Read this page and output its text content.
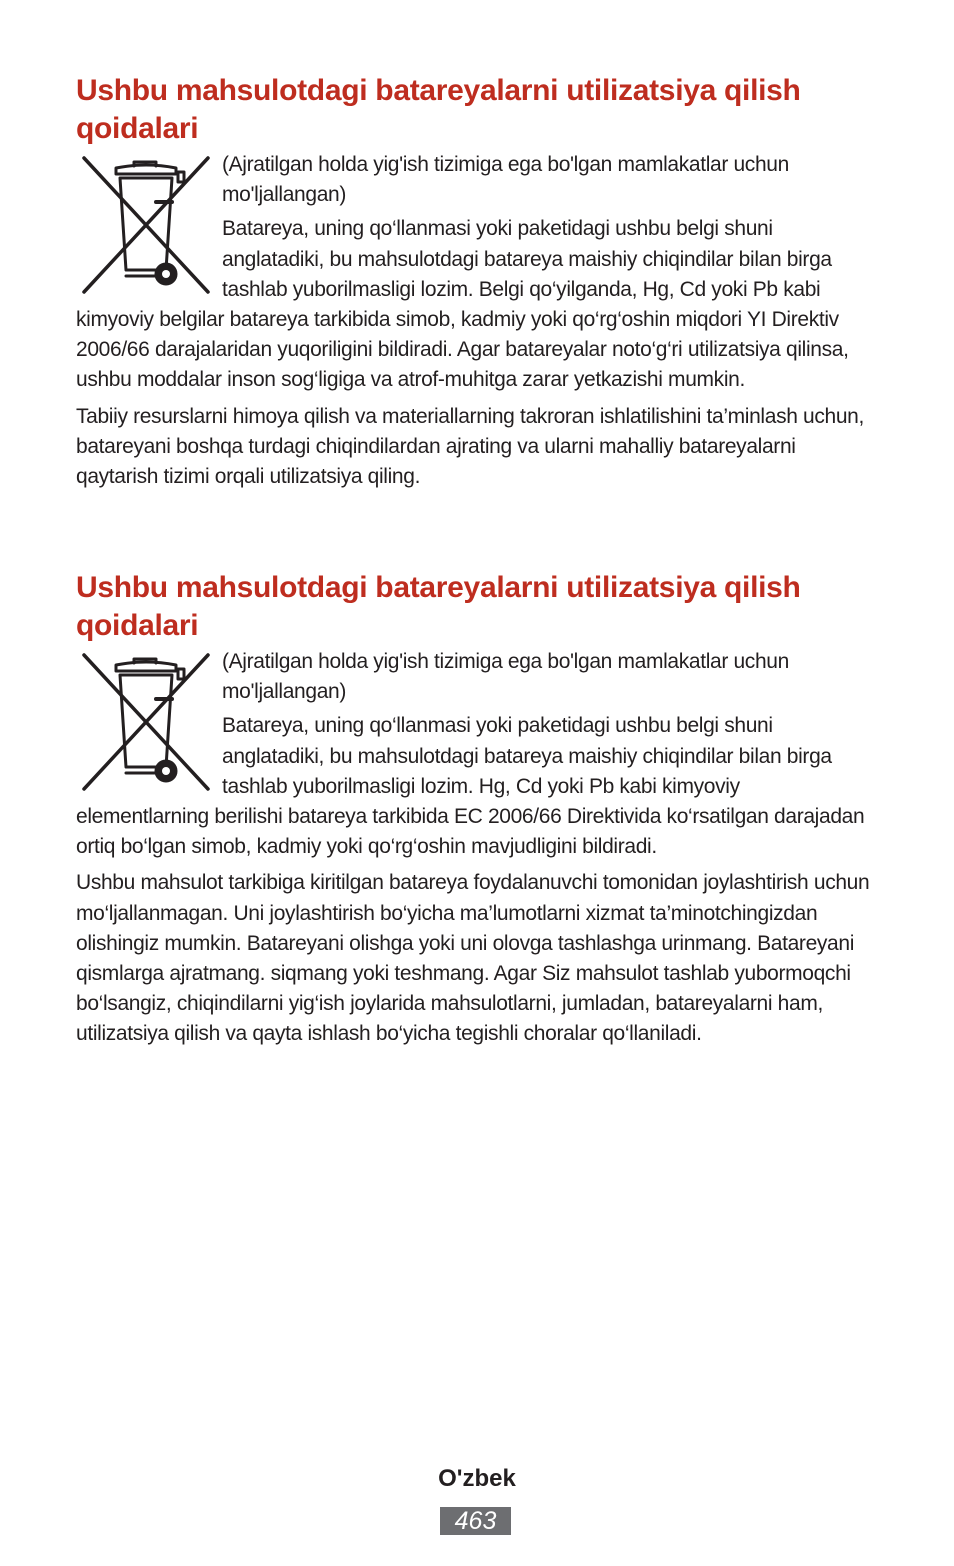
Ushbu mahsulotdagi batareyalarni utilizatsiya qilish
qoidalari

(Ajratilgan holda yig'ish tizimiga ega bo'lgan mamlakatlar uchun mo'ljallangan)

Batareya, uning qo‘llanmasi yoki paketidagi ushbu belgi shuni anglatadiki, bu mahsulotdagi batareya maishiy chiqindilar bilan birga tashlab yuborilmasligi lozim. Belgi qo‘yilganda, Hg, Cd yoki Pb kabi kimyoviy belgilar batareya tarkibida simob, kadmiy yoki qo‘rg‘oshin miqdori YI Direktiv 2006/66 darajalaridan yuqoriligini bildiradi. Agar batareyalar noto‘g‘ri utilizatsiya qilinsa, ushbu moddalar inson sog‘ligiga va atrof-muhitga zarar yetkazishi mumkin.

Tabiiy resurslarni himoya qilish va materiallarning takroran ishlatilishini ta’minlash uchun, batareyani boshqa turdagi chiqindilardan ajrating va ularni mahalliy batareyalarni qaytarish tizimi orqali utilizatsiya qiling.

Ushbu mahsulotdagi batareyalarni utilizatsiya qilish
qoidalari

(Ajratilgan holda yig'ish tizimiga ega bo'lgan mamlakatlar uchun mo'ljallangan)

Batareya, uning qo‘llanmasi yoki paketidagi ushbu belgi shuni anglatadiki, bu mahsulotdagi batareya maishiy chiqindilar bilan birga tashlab yuborilmasligi lozim. Hg, Cd yoki Pb kabi kimyoviy elementlarning berilishi batareya tarkibida EC 2006/66 Direktivida ko‘rsatilgan darajadan ortiq bo‘lgan simob, kadmiy yoki qo‘rg‘oshin mavjudligini bildiradi.

Ushbu mahsulot tarkibiga kiritilgan batareya foydalanuvchi tomonidan joylashtirish uchun mo‘ljallanmagan. Uni joylashtirish bo‘yicha ma’lumotlarni xizmat ta’minotchingizdan olishingiz mumkin. Batareyani olishga yoki uni olovga tashlashga urinmang. Batareyani qismlarga ajratmang. siqmang yoki teshmang. Agar Siz mahsulot tashlab yubormoqchi bo‘lsangiz, chiqindilarni yig‘ish joylarida mahsulotlarni, jumladan, batareyalarni ham, utilizatsiya qilish va qayta ishlash bo‘yicha tegishli choralar qo‘llaniladi.

O'zbek
463
